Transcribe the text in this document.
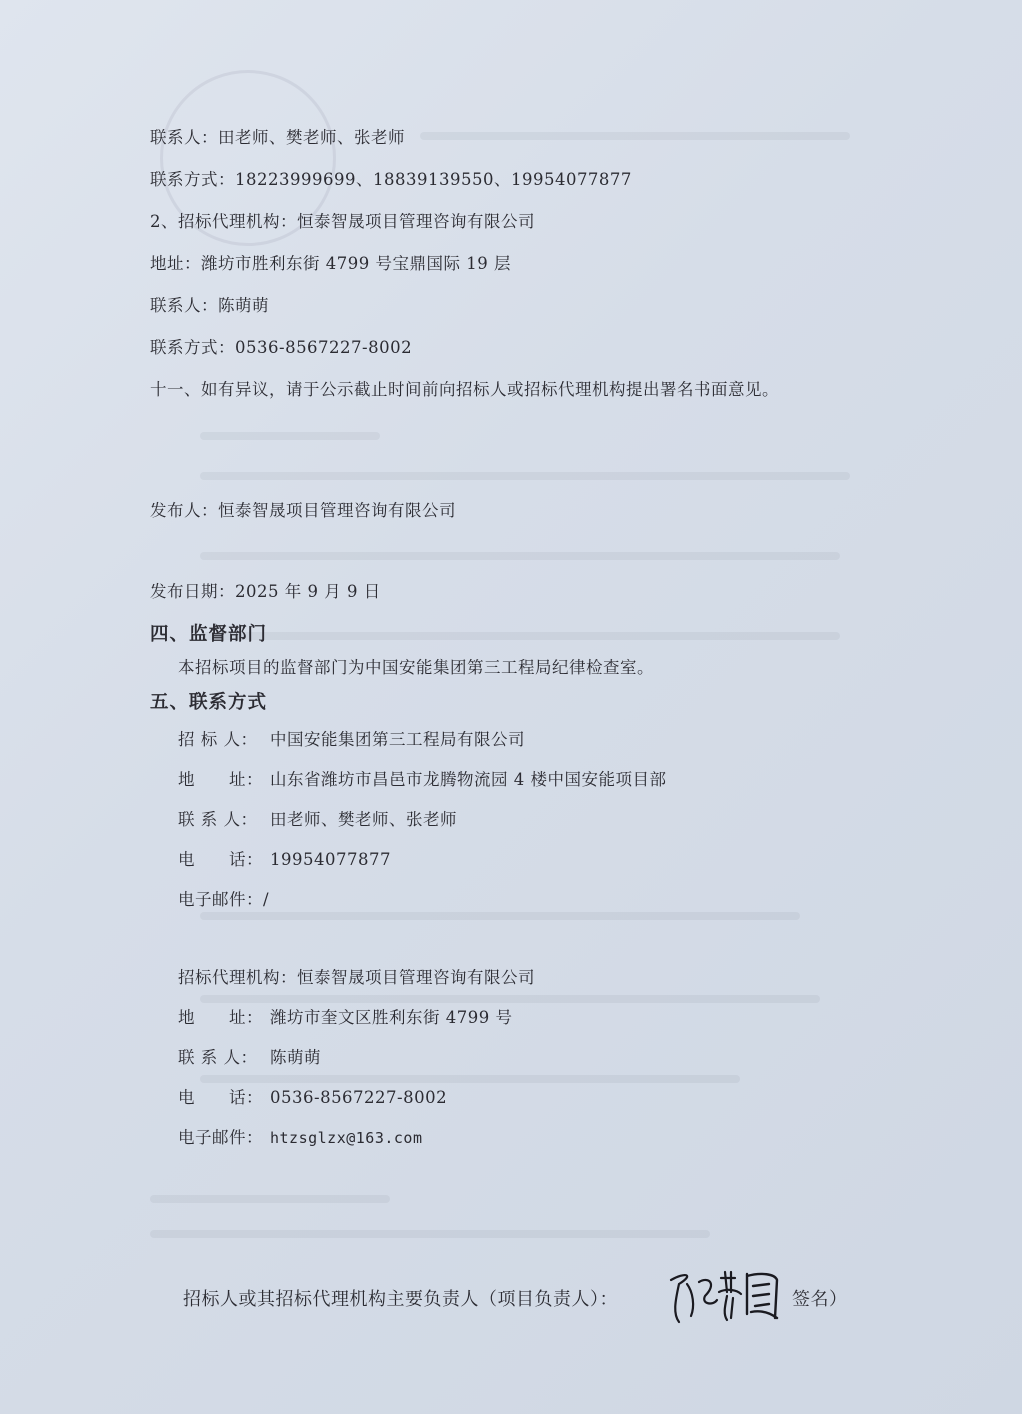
联系人：田老师、樊老师、张老师
联系方式：18223999699、18839139550、19954077877
2、招标代理机构：恒泰智晟项目管理咨询有限公司
地址：潍坊市胜利东街 4799 号宝鼎国际 19 层
联系人：陈萌萌
联系方式：0536-8567227-8002
十一、如有异议，请于公示截止时间前向招标人或招标代理机构提出署名书面意见。
发布人：恒泰智晟项目管理咨询有限公司
发布日期：2025 年 9 月 9 日
四、监督部门
本招标项目的监督部门为中国安能集团第三工程局纪律检查室。
五、联系方式
招 标 人： 中国安能集团第三工程局有限公司
地　　址： 山东省潍坊市昌邑市龙腾物流园 4 楼中国安能项目部
联 系 人： 田老师、樊老师、张老师
电　　话： 19954077877
电子邮件：/
招标代理机构：恒泰智晟项目管理咨询有限公司
地　　址： 潍坊市奎文区胜利东街 4799 号
联 系 人： 陈萌萌
电　　话： 0536-8567227-8002
电子邮件： htzsglzx@163.com
招标人或其招标代理机构主要负责人（项目负责人）：	签名）
